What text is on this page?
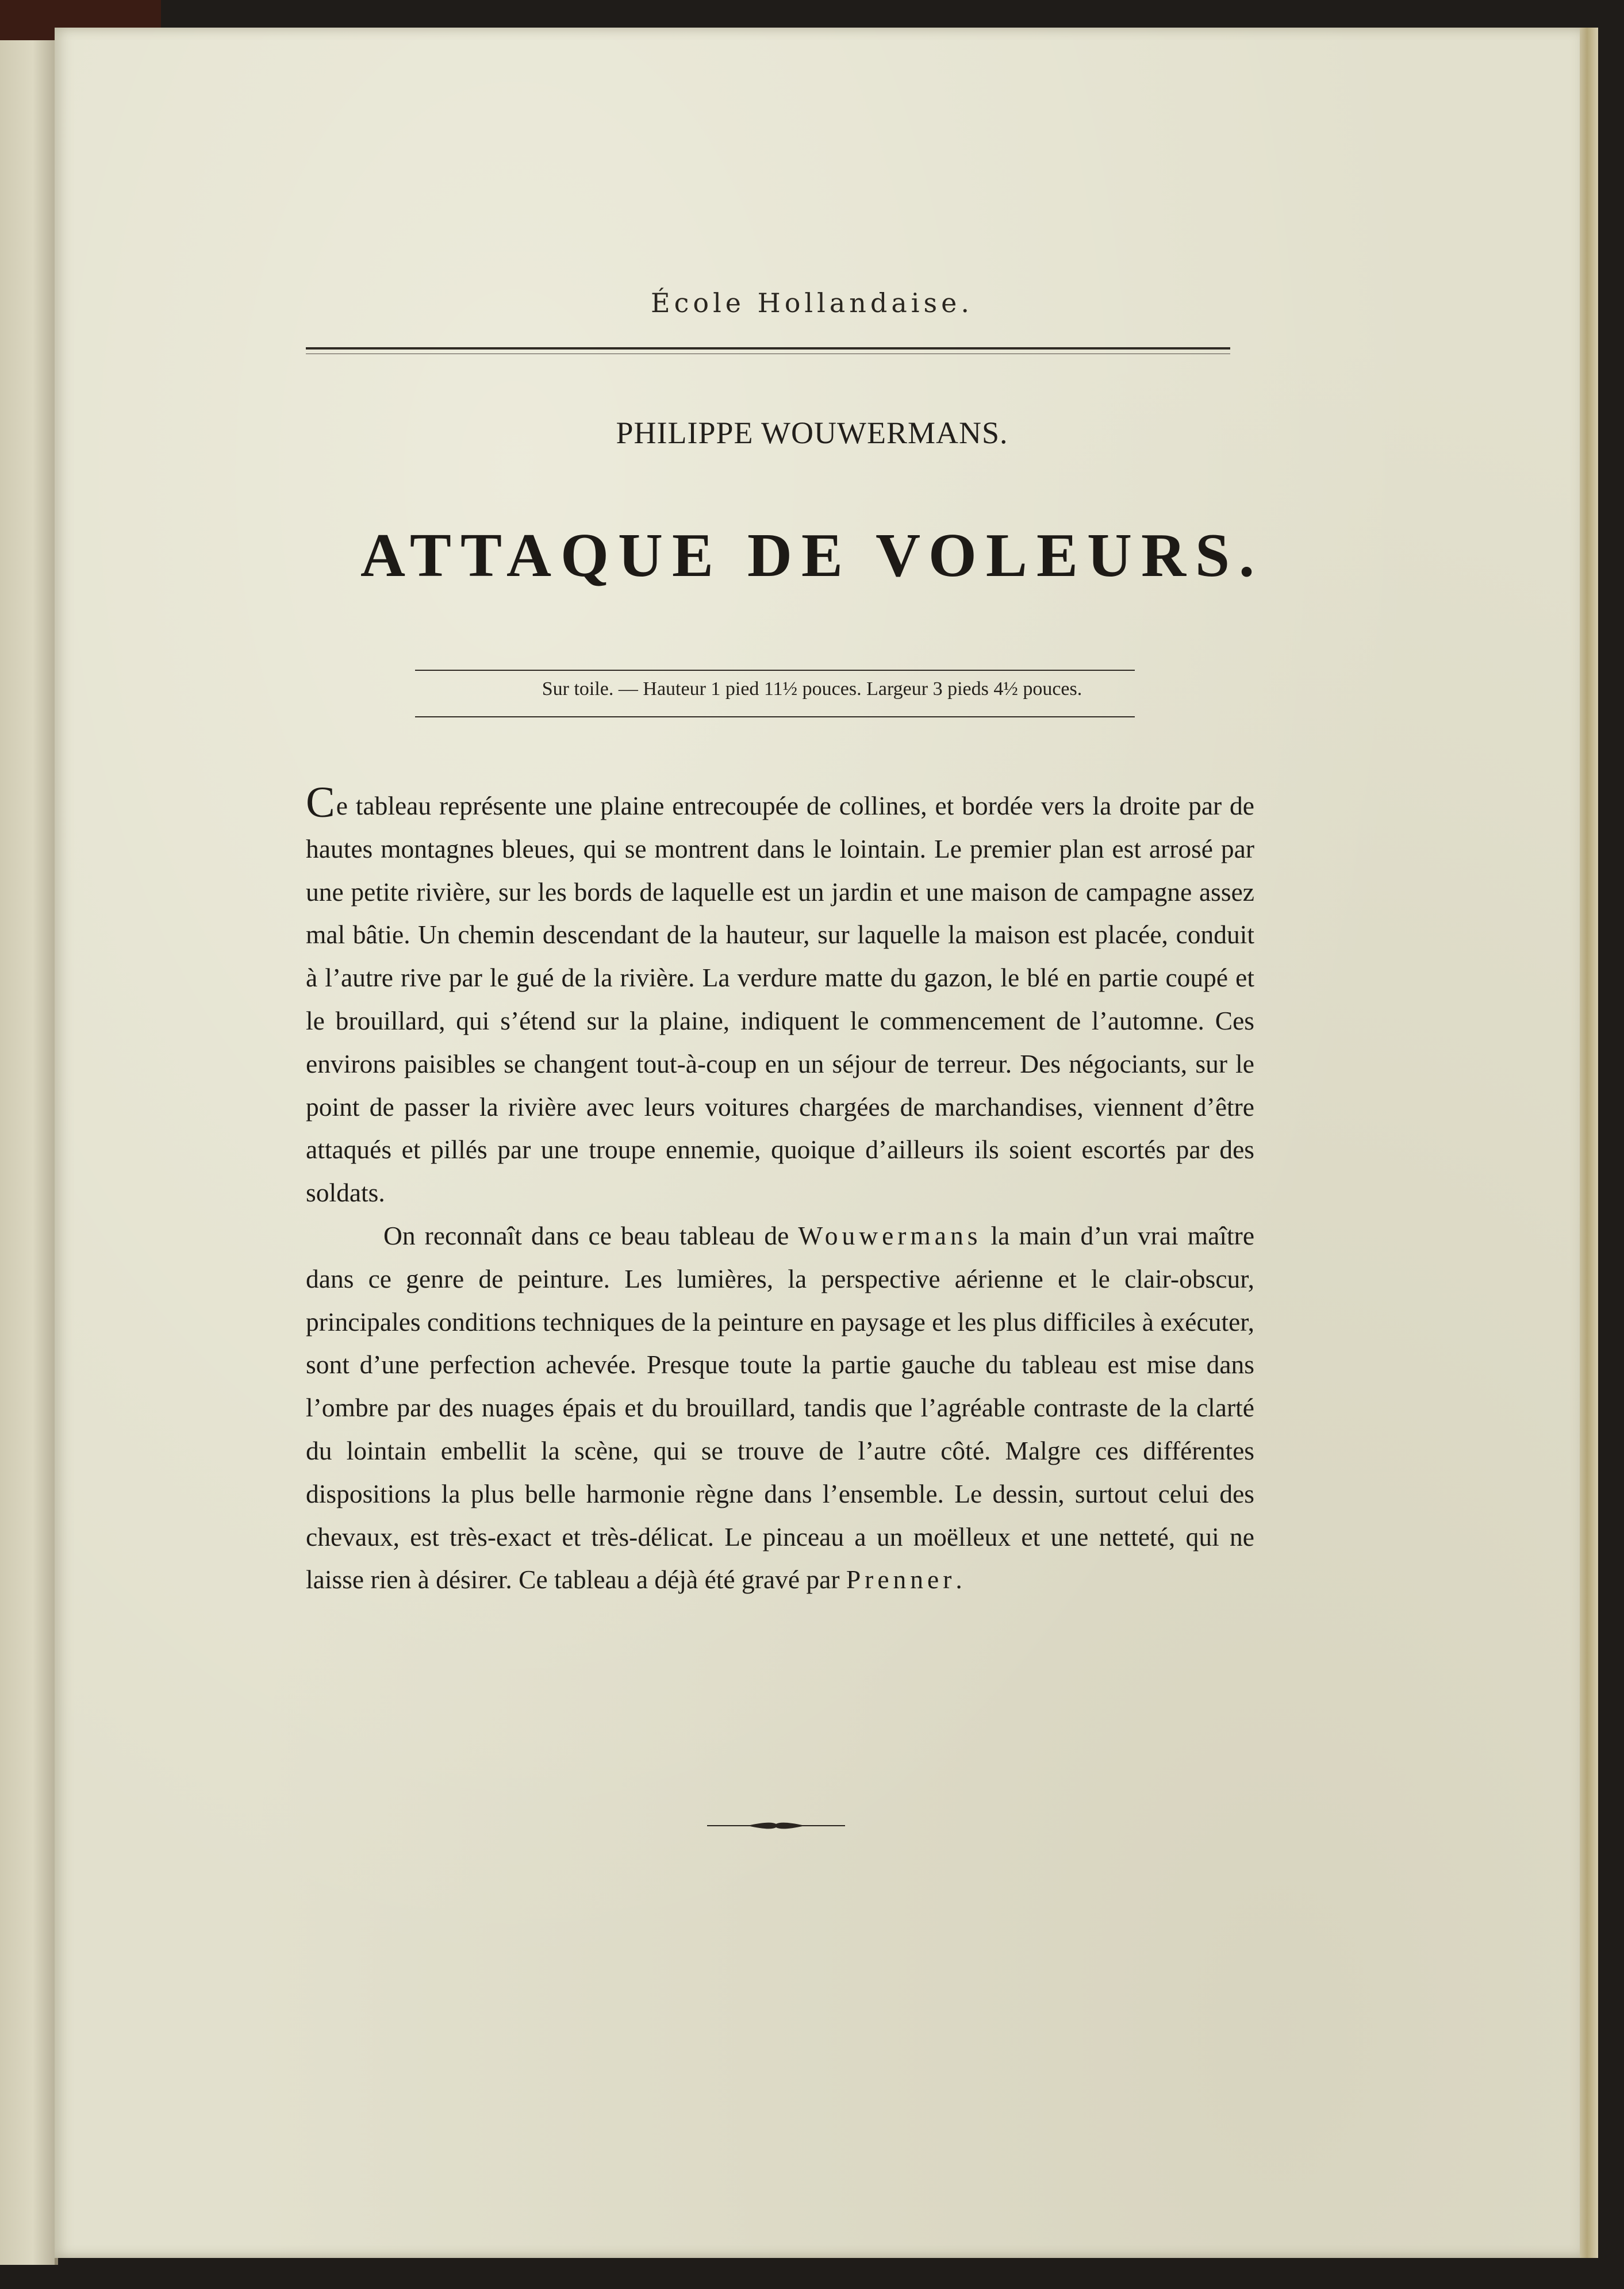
École Hollandaise.
PHILIPPE WOUWERMANS.
ATTAQUE DE VOLEURS.
Sur toile. — Hauteur 1 pied 11½ pouces. Largeur 3 pieds 4½ pouces.

Ce tableau représente une plaine entrecoupée de collines, et bordée vers la droite par de hautes montagnes bleues, qui se montrent dans le lointain. Le premier plan est arrosé par une petite rivière, sur les bords de laquelle est un jardin et une maison de campagne assez mal bâtie. Un chemin descendant de la hauteur, sur laquelle la maison est placée, conduit à l’autre rive par le gué de la rivière. La verdure matte du gazon, le blé en partie coupé et le brouillard, qui s’étend sur la plaine, indiquent le commencement de l’automne. Ces environs paisibles se changent tout-à-coup en un séjour de terreur. Des négociants, sur le point de passer la rivière avec leurs voitures chargées de marchandises, viennent d’être attaqués et pillés par une troupe ennemie, quoique d’ailleurs ils soient escortés par des soldats.

On reconnaît dans ce beau tableau de Wouwermans la main d’un vrai maître dans ce genre de peinture. Les lumières, la perspective aérienne et le clair-obscur, principales conditions techniques de la peinture en paysage et les plus difficiles à exécuter, sont d’une perfection achevée. Presque toute la partie gauche du tableau est mise dans l’ombre par des nuages épais et du brouillard, tandis que l’agréable contraste de la clarté du lointain embellit la scène, qui se trouve de l’autre côté. Malgre ces différentes dispositions la plus belle harmonie règne dans l’ensemble. Le dessin, surtout celui des chevaux, est très-exact et très-délicat. Le pinceau a un moëlleux et une netteté, qui ne laisse rien à désirer. Ce tableau a déjà été gravé par Prenner.
